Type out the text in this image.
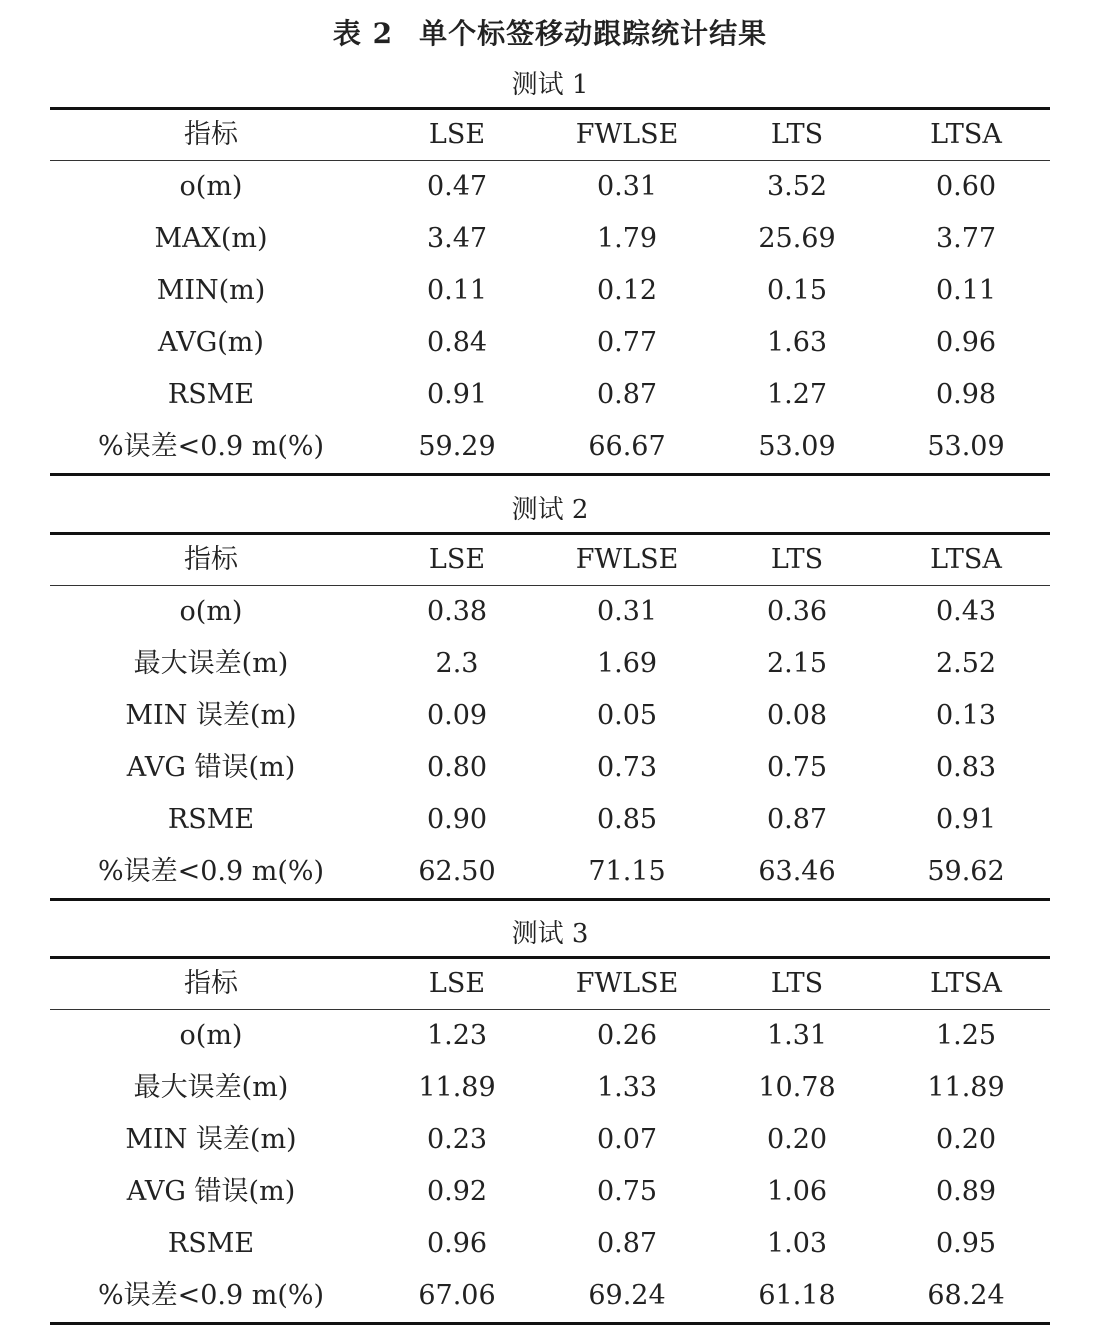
表 2 单个标签移动跟踪统计结果
测试 1
指标	LSE	FWLSE	LTS	LTSA
o(m)	0.47	0.31	3.52	0.60
MAX(m)	3.47	1.79	25.69	3.77
MIN(m)	0.11	0.12	0.15	0.11
AVG(m)	0.84	0.77	1.63	0.96
RSME	0.91	0.87	1.27	0.98
%误差<0.9 m(%)	59.29	66.67	53.09	53.09
测试 2
指标	LSE	FWLSE	LTS	LTSA
o(m)	0.38	0.31	0.36	0.43
最大误差(m)	2.3	1.69	2.15	2.52
MIN 误差(m)	0.09	0.05	0.08	0.13
AVG 错误(m)	0.80	0.73	0.75	0.83
RSME	0.90	0.85	0.87	0.91
%误差<0.9 m(%)	62.50	71.15	63.46	59.62
测试 3
指标	LSE	FWLSE	LTS	LTSA
o(m)	1.23	0.26	1.31	1.25
最大误差(m)	11.89	1.33	10.78	11.89
MIN 误差(m)	0.23	0.07	0.20	0.20
AVG 错误(m)	0.92	0.75	1.06	0.89
RSME	0.96	0.87	1.03	0.95
%误差<0.9 m(%)	67.06	69.24	61.18	68.24
